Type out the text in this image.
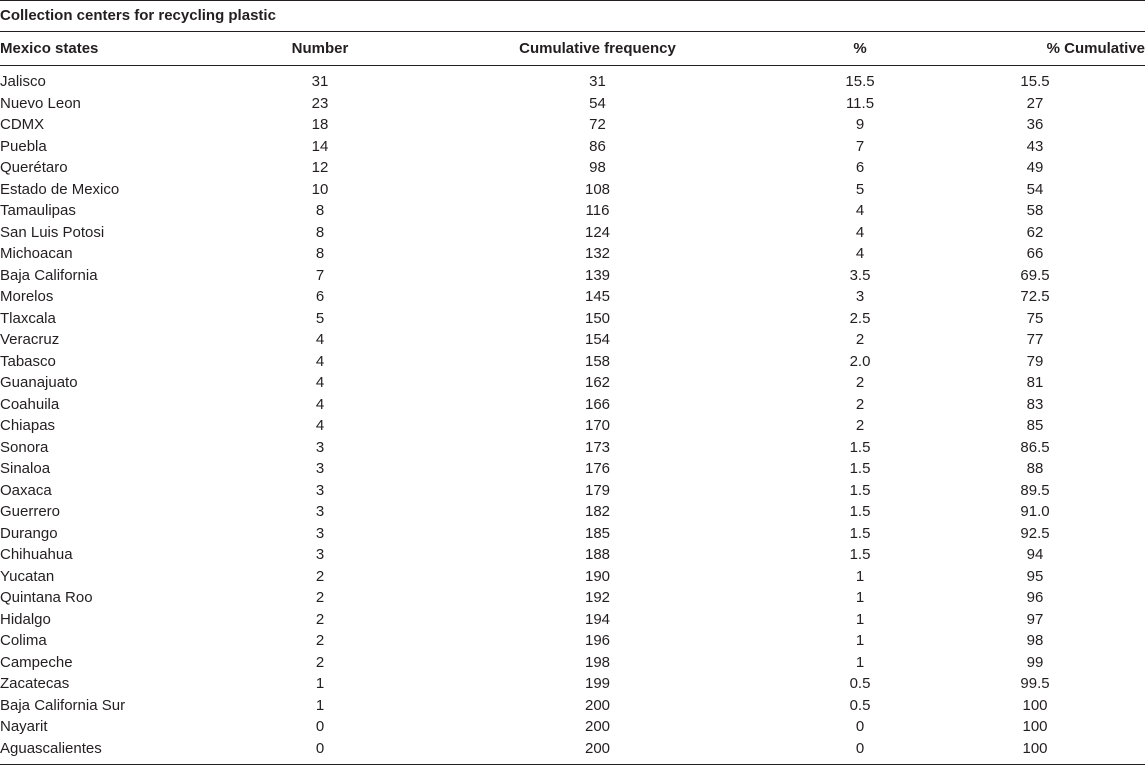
Collection centers for recycling plastic
Mexico states	Number	Cumulative frequency	%	% Cumulative
Jalisco	31	31	15.5	15.5
Nuevo Leon	23	54	11.5	27
CDMX	18	72	9	36
Puebla	14	86	7	43
Querétaro	12	98	6	49
Estado de Mexico	10	108	5	54
Tamaulipas	8	116	4	58
San Luis Potosi	8	124	4	62
Michoacan	8	132	4	66
Baja California	7	139	3.5	69.5
Morelos	6	145	3	72.5
Tlaxcala	5	150	2.5	75
Veracruz	4	154	2	77
Tabasco	4	158	2.0	79
Guanajuato	4	162	2	81
Coahuila	4	166	2	83
Chiapas	4	170	2	85
Sonora	3	173	1.5	86.5
Sinaloa	3	176	1.5	88
Oaxaca	3	179	1.5	89.5
Guerrero	3	182	1.5	91.0
Durango	3	185	1.5	92.5
Chihuahua	3	188	1.5	94
Yucatan	2	190	1	95
Quintana Roo	2	192	1	96
Hidalgo	2	194	1	97
Colima	2	196	1	98
Campeche	2	198	1	99
Zacatecas	1	199	0.5	99.5
Baja California Sur	1	200	0.5	100
Nayarit	0	200	0	100
Aguascalientes	0	200	0	100
